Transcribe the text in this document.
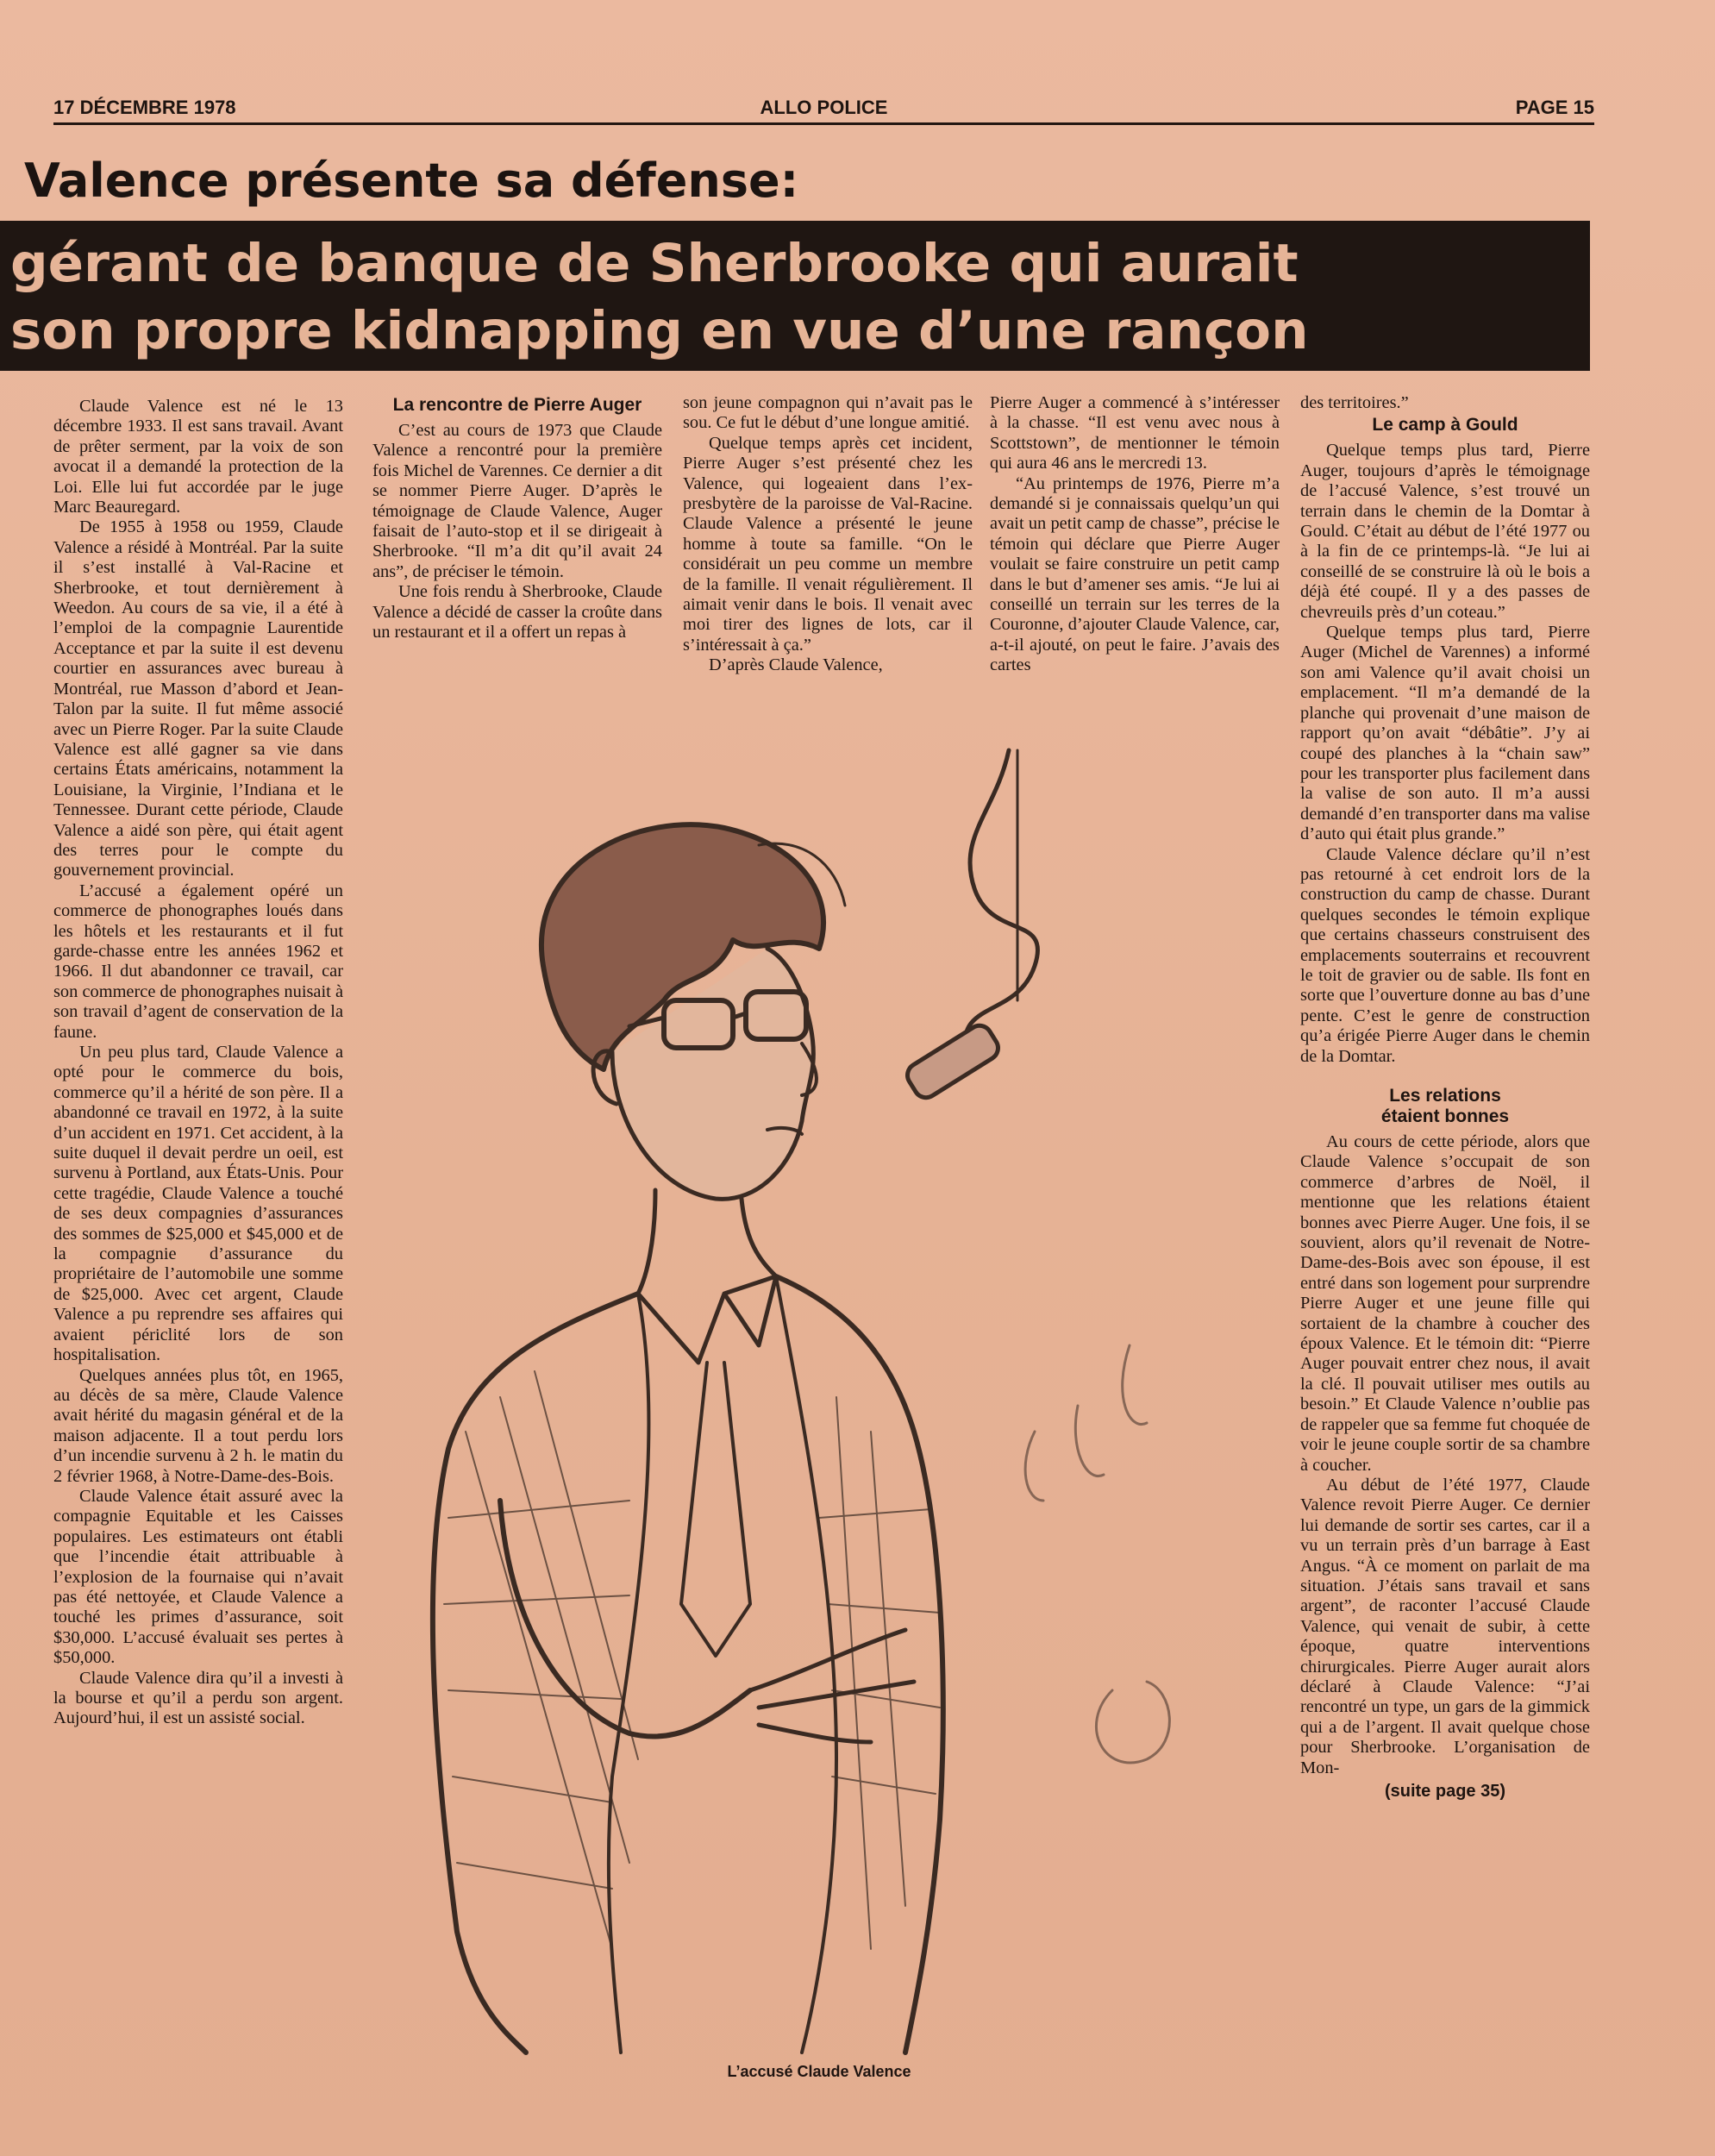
17 DÉCEMBRE 1978	ALLO POLICE	PAGE 15
Valence présente sa défense:
gérant de banque de Sherbrooke qui aurait
son propre kidnapping en vue d’une rançon

Claude Valence est né le 13 décembre 1933. Il est sans travail. Avant de prêter serment, par la voix de son avocat il a demandé la protection de la Loi. Elle lui fut accordée par le juge Marc Beauregard.

De 1955 à 1958 ou 1959, Claude Valence a résidé à Montréal. Par la suite il s’est installé à Val-Racine et Sherbrooke, et tout dernièrement à Weedon. Au cours de sa vie, il a été à l’emploi de la compagnie Laurentide Acceptance et par la suite il est devenu courtier en assurances avec bureau à Montréal, rue Masson d’abord et Jean-Talon par la suite. Il fut même associé avec un Pierre Roger. Par la suite Claude Valence est allé gagner sa vie dans certains États américains, notamment la Louisiane, la Virginie, l’Indiana et le Tennessee. Durant cette période, Claude Valence a aidé son père, qui était agent des terres pour le compte du gouvernement provincial.

L’accusé a également opéré un commerce de phonographes loués dans les hôtels et les restaurants et il fut garde-chasse entre les années 1962 et 1966. Il dut abandonner ce travail, car son commerce de phonographes nuisait à son travail d’agent de conservation de la faune.

Un peu plus tard, Claude Valence a opté pour le commerce du bois, commerce qu’il a hérité de son père. Il a abandonné ce travail en 1972, à la suite d’un accident en 1971. Cet accident, à la suite duquel il devait perdre un oeil, est survenu à Portland, aux États-Unis. Pour cette tragédie, Claude Valence a touché de ses deux compagnies d’assurances des sommes de $25,000 et $45,000 et de la compagnie d’assurance du propriétaire de l’automobile une somme de $25,000. Avec cet argent, Claude Valence a pu reprendre ses affaires qui avaient périclité lors de son hospitalisation.

Quelques années plus tôt, en 1965, au décès de sa mère, Claude Valence avait hérité du magasin général et de la maison adjacente. Il a tout perdu lors d’un incendie survenu à 2 h. le matin du 2 février 1968, à Notre-Dame-des-Bois.

Claude Valence était assuré avec la compagnie Equitable et les Caisses populaires. Les estimateurs ont établi que l’incendie était attribuable à l’explosion de la fournaise qui n’avait pas été nettoyée, et Claude Valence a touché les primes d’assurance, soit $30,000. L’accusé évaluait ses pertes à $50,000.

Claude Valence dira qu’il a investi à la bourse et qu’il a perdu son argent. Aujourd’hui, il est un assisté social.

La rencontre de Pierre Auger

C’est au cours de 1973 que Claude Valence a rencontré pour la première fois Michel de Varennes. Ce dernier a dit se nommer Pierre Auger. D’après le témoignage de Claude Valence, Auger faisait de l’auto-stop et il se dirigeait à Sherbrooke. “Il m’a dit qu’il avait 24 ans”, de préciser le témoin.

Une fois rendu à Sherbrooke, Claude Valence a décidé de casser la croûte dans un restaurant et il a offert un repas à

son jeune compagnon qui n’avait pas le sou. Ce fut le début d’une longue amitié.

Quelque temps après cet incident, Pierre Auger s’est présenté chez les Valence, qui logeaient dans l’ex-presbytère de la paroisse de Val-Racine. Claude Valence a présenté le jeune homme à toute sa famille. “On le considérait un peu comme un membre de la famille. Il venait régulièrement. Il aimait venir dans le bois. Il venait avec moi tirer des lignes de lots, car il s’intéressait à ça.”

D’après Claude Valence,

Pierre Auger a commencé à s’intéresser à la chasse. “Il est venu avec nous à Scottstown”, de mentionner le témoin qui aura 46 ans le mercredi 13.

“Au printemps de 1976, Pierre m’a demandé si je connaissais quelqu’un qui avait un petit camp de chasse”, précise le témoin qui déclare que Pierre Auger voulait se faire construire un petit camp dans le but d’amener ses amis. “Je lui ai conseillé un terrain sur les terres de la Couronne, d’ajouter Claude Valence, car, a-t-il ajouté, on peut le faire. J’avais des cartes

des territoires.”

Le camp à Gould

Quelque temps plus tard, Pierre Auger, toujours d’après le témoignage de l’accusé Valence, s’est trouvé un terrain dans le chemin de la Domtar à Gould. C’était au début de l’été 1977 ou à la fin de ce printemps-là. “Je lui ai conseillé de se construire là où le bois a déjà été coupé. Il y a des passes de chevreuils près d’un coteau.”

Quelque temps plus tard, Pierre Auger (Michel de Varennes) a informé son ami Valence qu’il avait choisi un emplacement. “Il m’a demandé de la planche qui provenait d’une maison de rapport qu’on avait “débâtie”. J’y ai coupé des planches à la “chain saw” pour les transporter plus facilement dans la valise de son auto. Il m’a aussi demandé d’en transporter dans ma valise d’auto qui était plus grande.”

Claude Valence déclare qu’il n’est pas retourné à cet endroit lors de la construction du camp de chasse. Durant quelques secondes le témoin explique que certains chasseurs construisent des emplacements souterrains et recouvrent le toit de gravier ou de sable. Ils font en sorte que l’ouverture donne au bas d’une pente. C’est le genre de construction qu’a érigée Pierre Auger dans le chemin de la Domtar.

Les relations étaient bonnes

Au cours de cette période, alors que Claude Valence s’occupait de son commerce d’arbres de Noël, il mentionne que les relations étaient bonnes avec Pierre Auger. Une fois, il se souvient, alors qu’il revenait de Notre-Dame-des-Bois avec son épouse, il est entré dans son logement pour surprendre Pierre Auger et une jeune fille qui sortaient de la chambre à coucher des époux Valence. Et le témoin dit: “Pierre Auger pouvait entrer chez nous, il avait la clé. Il pouvait utiliser mes outils au besoin.” Et Claude Valence n’oublie pas de rappeler que sa femme fut choquée de voir le jeune couple sortir de sa chambre à coucher.

Au début de l’été 1977, Claude Valence revoit Pierre Auger. Ce dernier lui demande de sortir ses cartes, car il a vu un terrain près d’un barrage à East Angus. “À ce moment on parlait de ma situation. J’étais sans travail et sans argent”, de raconter l’accusé Claude Valence, qui venait de subir, à cette époque, quatre interventions chirurgicales. Pierre Auger aurait alors déclaré à Claude Valence: “J’ai rencontré un type, un gars de la gimmick qui a de l’argent. Il avait quelque chose pour Sherbrooke. L’organisation de Mon-

(suite page 35)
L’accusé Claude Valence
